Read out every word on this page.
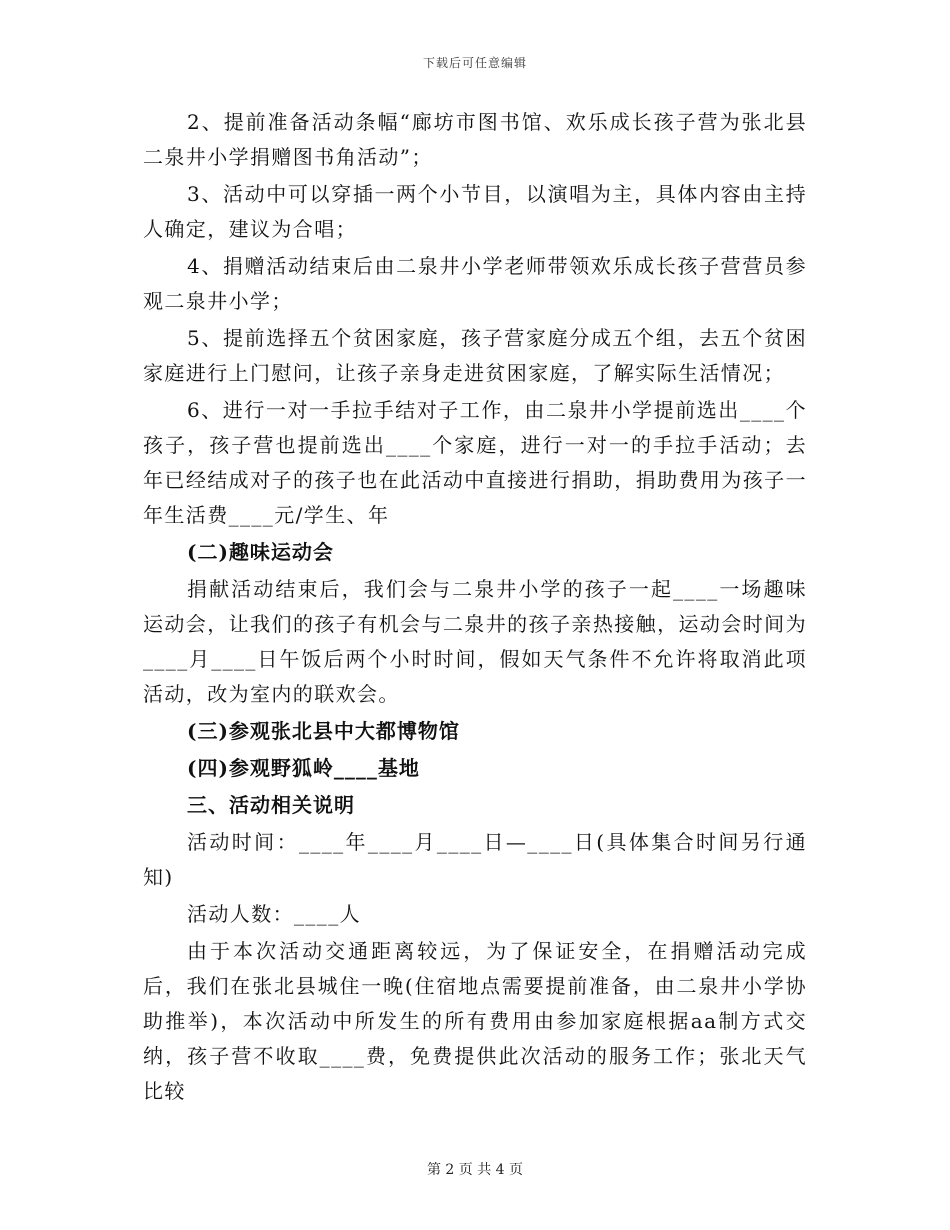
下载后可任意编辑

2、提前准备活动条幅“廊坊市图书馆、欢乐成长孩子营为张北县二泉井小学捐赠图书角活动”；

3、活动中可以穿插一两个小节目，以演唱为主，具体内容由主持人确定，建议为合唱；

4、捐赠活动结束后由二泉井小学老师带领欢乐成长孩子营营员参观二泉井小学；

5、提前选择五个贫困家庭，孩子营家庭分成五个组，去五个贫困家庭进行上门慰问，让孩子亲身走进贫困家庭，了解实际生活情况；

6、进行一对一手拉手结对子工作，由二泉井小学提前选出____个孩子，孩子营也提前选出____个家庭，进行一对一的手拉手活动；去年已经结成对子的孩子也在此活动中直接进行捐助，捐助费用为孩子一年生活费____元/学生、年

(二)趣味运动会

捐献活动结束后，我们会与二泉井小学的孩子一起____一场趣味运动会，让我们的孩子有机会与二泉井的孩子亲热接触，运动会时间为____月____日午饭后两个小时时间，假如天气条件不允许将取消此项活动，改为室内的联欢会。

(三)参观张北县中大都博物馆

(四)参观野狐岭____基地

三、活动相关说明

活动时间：____年____月____日—____日(具体集合时间另行通知)

活动人数：____人

由于本次活动交通距离较远，为了保证安全，在捐赠活动完成后，我们在张北县城住一晚(住宿地点需要提前准备，由二泉井小学协助推举)，本次活动中所发生的所有费用由参加家庭根据aa制方式交纳，孩子营不收取____费，免费提供此次活动的服务工作；张北天气比较

第 2 页 共 4 页
